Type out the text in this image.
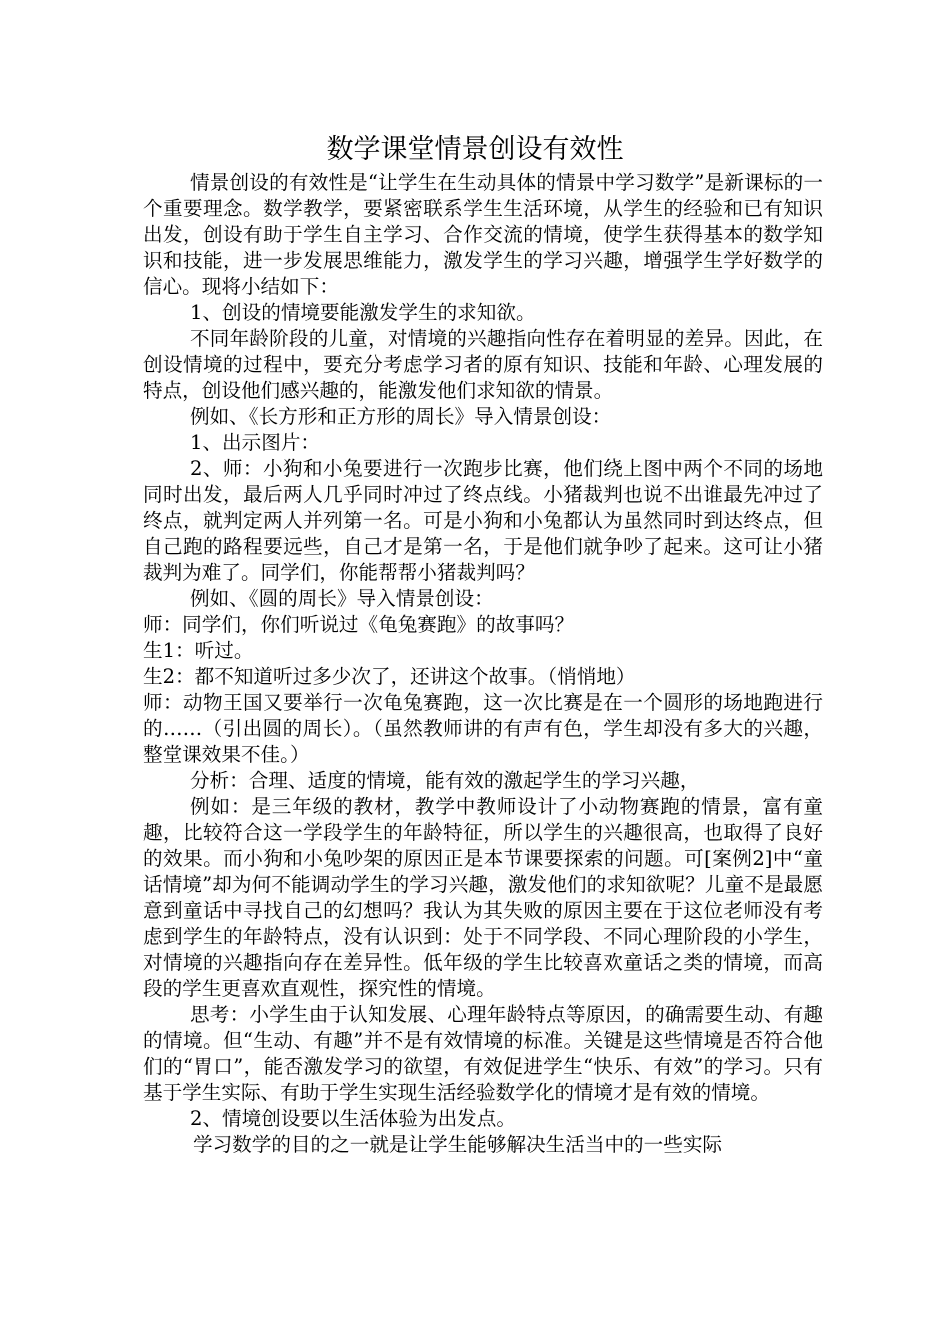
数学课堂情景创设有效性

情景创设的有效性是“让学生在生动具体的情景中学习数学”是新课标的一个重要理念。数学教学，要紧密联系学生生活环境，从学生的经验和已有知识出发，创设有助于学生自主学习、合作交流的情境，使学生获得基本的数学知识和技能，进一步发展思维能力，激发学生的学习兴趣，增强学生学好数学的信心。现将小结如下：

1、创设的情境要能激发学生的求知欲。

不同年龄阶段的儿童，对情境的兴趣指向性存在着明显的差异。因此，在创设情境的过程中，要充分考虑学习者的原有知识、技能和年龄、心理发展的特点，创设他们感兴趣的，能激发他们求知欲的情景。

例如、《长方形和正方形的周长》导入情景创设：

1、出示图片：

2、师：小狗和小兔要进行一次跑步比赛，他们绕上图中两个不同的场地同时出发，最后两人几乎同时冲过了终点线。小猪裁判也说不出谁最先冲过了终点，就判定两人并列第一名。可是小狗和小兔都认为虽然同时到达终点，但自己跑的路程要远些，自己才是第一名，于是他们就争吵了起来。这可让小猪裁判为难了。同学们，你能帮帮小猪裁判吗？

例如、《圆的周长》导入情景创设：

师：同学们，你们听说过《龟兔赛跑》的故事吗？

生1：听过。

生2：都不知道听过多少次了，还讲这个故事。（悄悄地）

师：动物王国又要举行一次龟兔赛跑，这一次比赛是在一个圆形的场地跑进行的……（引出圆的周长）。（虽然教师讲的有声有色，学生却没有多大的兴趣，整堂课效果不佳。）

分析：合理、适度的情境，能有效的激起学生的学习兴趣，

例如：是三年级的教材，教学中教师设计了小动物赛跑的情景，富有童趣，比较符合这一学段学生的年龄特征，所以学生的兴趣很高，也取得了良好的效果。而小狗和小兔吵架的原因正是本节课要探索的问题。可[案例2]中“童话情境”却为何不能调动学生的学习兴趣，激发他们的求知欲呢？儿童不是最愿意到童话中寻找自己的幻想吗？我认为其失败的原因主要在于这位老师没有考虑到学生的年龄特点，没有认识到：处于不同学段、不同心理阶段的小学生，对情境的兴趣指向存在差异性。低年级的学生比较喜欢童话之类的情境，而高段的学生更喜欢直观性，探究性的情境。

思考：小学生由于认知发展、心理年龄特点等原因，的确需要生动、有趣的情境。但“生动、有趣”并不是有效情境的标准。关键是这些情境是否符合他们的“胃口”，能否激发学习的欲望，有效促进学生“快乐、有效”的学习。只有基于学生实际、有助于学生实现生活经验数学化的情境才是有效的情境。

2、情境创设要以生活体验为出发点。

学习数学的目的之一就是让学生能够解决生活当中的一些实际
